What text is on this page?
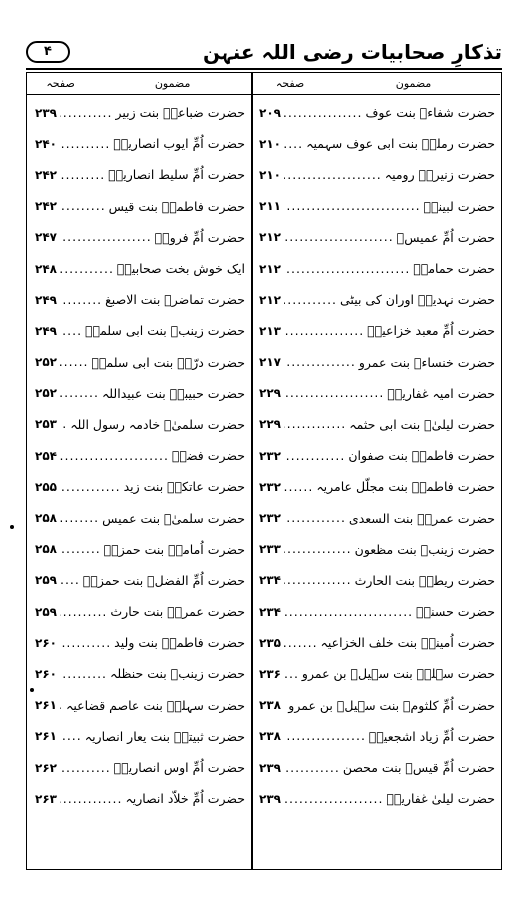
تذکارِ صحابیات رضی اللہ عنہن
۴
مضمون
صفحہ
مضمون
صفحہ
حضرت شفاءؓ بنت عوف
.....
۲۰۹
حضرت رملہؓ بنت ابی عوف سہمیہ
.....
۲۱۰
حضرت زنیرہؓ رومیہ
.....
۲۱۰
حضرت لبینہؓ
.....
۲۱۱
حضرت اُمِّ عمیسؓ
.....
۲۱۲
حضرت حمامہؓ
.....
۲۱۲
حضرت نہدیہؓ اوران کی بیٹی
.....
۲۱۲
حضرت اُمِّ معبد خزاعیہؓ
.....
۲۱۳
حضرت خنساءؓ بنت عمرو
.....
۲۱۷
حضرت امیہ غفاریہؓ
.....
۲۲۹
حضرت لیلیٰؓ بنت ابی حثمہ
.....
۲۲۹
حضرت فاطمہؓ بنت صفوان
.....
۲۳۲
حضرت فاطمہؓ بنت مجلّل عامریہ
.....
۲۳۲
حضرت عمرہؓ بنت السعدی
.....
۲۳۲
حضرت زینبؓ بنت مظعون
.....
۲۳۳
حضرت ریطہؓ بنت الحارث
.....
۲۳۴
حضرت حسنہؓ
.....
۲۳۴
حضرت اُمینہؓ بنت خلف الخزاعیہ
.....
۲۳۵
حضرت سہلہؓ بنت سہیلؓ بن عمرو
.....
۲۳۶
حضرت اُمِّ کلثومؓ بنت سہیلؓ بن عمرو
.....
۲۳۸
حضرت اُمِّ زیاد اشجعیہؓ
.....
۲۳۸
حضرت اُمِّ قیسؓ بنت محصن
.....
۲۳۹
حضرت لیلیٰ غفاریہؓ
.....
۲۳۹
حضرت ضباعہؓ بنت زبیر
.....
۲۳۹
حضرت اُمِّ ایوب انصاریہؓ
.....
۲۴۰
حضرت اُمِّ سلیط انصاریہؓ
.....
۲۴۲
حضرت فاطمہؓ بنت قیس
.....
۲۴۲
حضرت اُمِّ فروہؓ
.....
۲۴۷
ایک خوش بخت صحابیہؓ
.....
۲۴۸
حضرت تماضرؓ بنت الاصبغ
.....
۲۴۹
حضرت زینبؓ بنت ابی سلمہؓ
.....
۲۴۹
حضرت درّہؓ بنت ابی سلمہؓ
.....
۲۵۲
حضرت حبیبہؓ بنت عبیداللہ
.....
۲۵۲
حضرت سلمیٰؓ خادمہ رسول اللہ
.....
۲۵۳
حضرت فضہؓ
.....
۲۵۴
حضرت عاتکہؓ بنت زید
.....
۲۵۵
حضرت سلمیٰؓ بنت عمیس
.....
۲۵۸
حضرت اُمامہؓ بنت حمزہؓ
.....
۲۵۸
حضرت اُمِّ الفضلؓ بنت حمزہؓ
.....
۲۵۹
حضرت عمرہؓ بنت حارث
.....
۲۵۹
حضرت فاطمہؓ بنت ولید
.....
۲۶۰
حضرت زینبؓ بنت حنظلہ
.....
۲۶۰
حضرت سہلہؓ بنت عاصم قضاعیہ
.....
۲۶۱
حضرت ثبیتہؓ بنت یعار انصاریہ
.....
۲۶۱
حضرت اُمِّ اوس انصاریہؓ
.....
۲۶۲
حضرت اُمِّ خلاّد انصاریہ
.....
۲۶۳
